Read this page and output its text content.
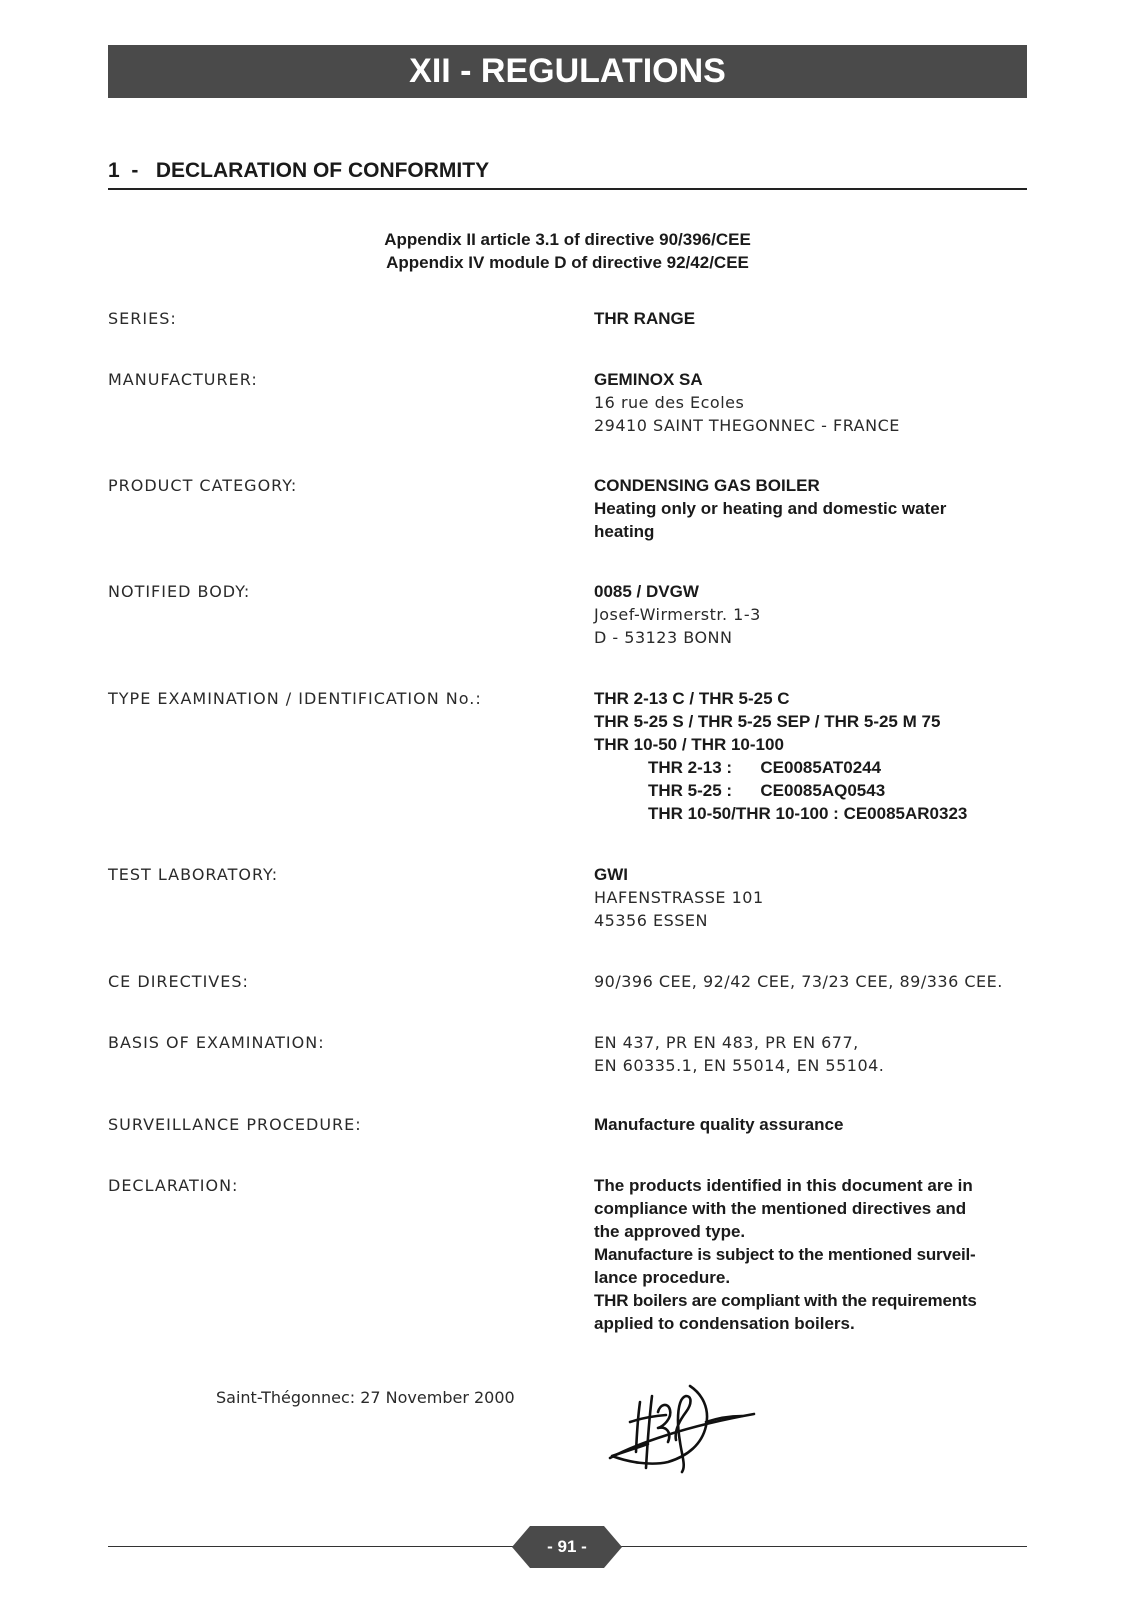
XII - REGULATIONS
1  -   DECLARATION OF CONFORMITY
Appendix II article 3.1 of directive 90/396/CEE
Appendix IV module D of directive 92/42/CEE
SERIES:	THR RANGE
MANUFACTURER:	GEMINOX SA
16 rue des Ecoles
29410 SAINT THEGONNEC - FRANCE
PRODUCT CATEGORY:	CONDENSING GAS BOILER
Heating only or heating and domestic water
heating
NOTIFIED BODY:	0085 / DVGW
Josef-Wirmerstr. 1-3
D - 53123 BONN
TYPE EXAMINATION / IDENTIFICATION No.:	THR 2-13 C / THR 5-25 C
THR 5-25 S / THR 5-25 SEP / THR 5-25 M 75
THR 10-50 / THR 10-100
THR 2-13 :      CE0085AT0244
THR 5-25 :      CE0085AQ0543
THR 10-50/THR 10-100 : CE0085AR0323
TEST LABORATORY:	GWI
HAFENSTRASSE 101
45356 ESSEN
CE DIRECTIVES:	90/396 CEE, 92/42 CEE, 73/23 CEE, 89/336 CEE.
BASIS OF EXAMINATION:	EN 437, PR EN 483, PR EN 677,
EN 60335.1, EN 55014, EN 55104.
SURVEILLANCE PROCEDURE:	Manufacture quality assurance
DECLARATION:	The products identified in this document are in
compliance with the mentioned directives and
the approved type.
Manufacture is subject to the mentioned surveil-
lance procedure.
THR boilers are compliant with the requirements
applied to condensation boilers.
Saint-Thégonnec: 27 November 2000
- 91 -
